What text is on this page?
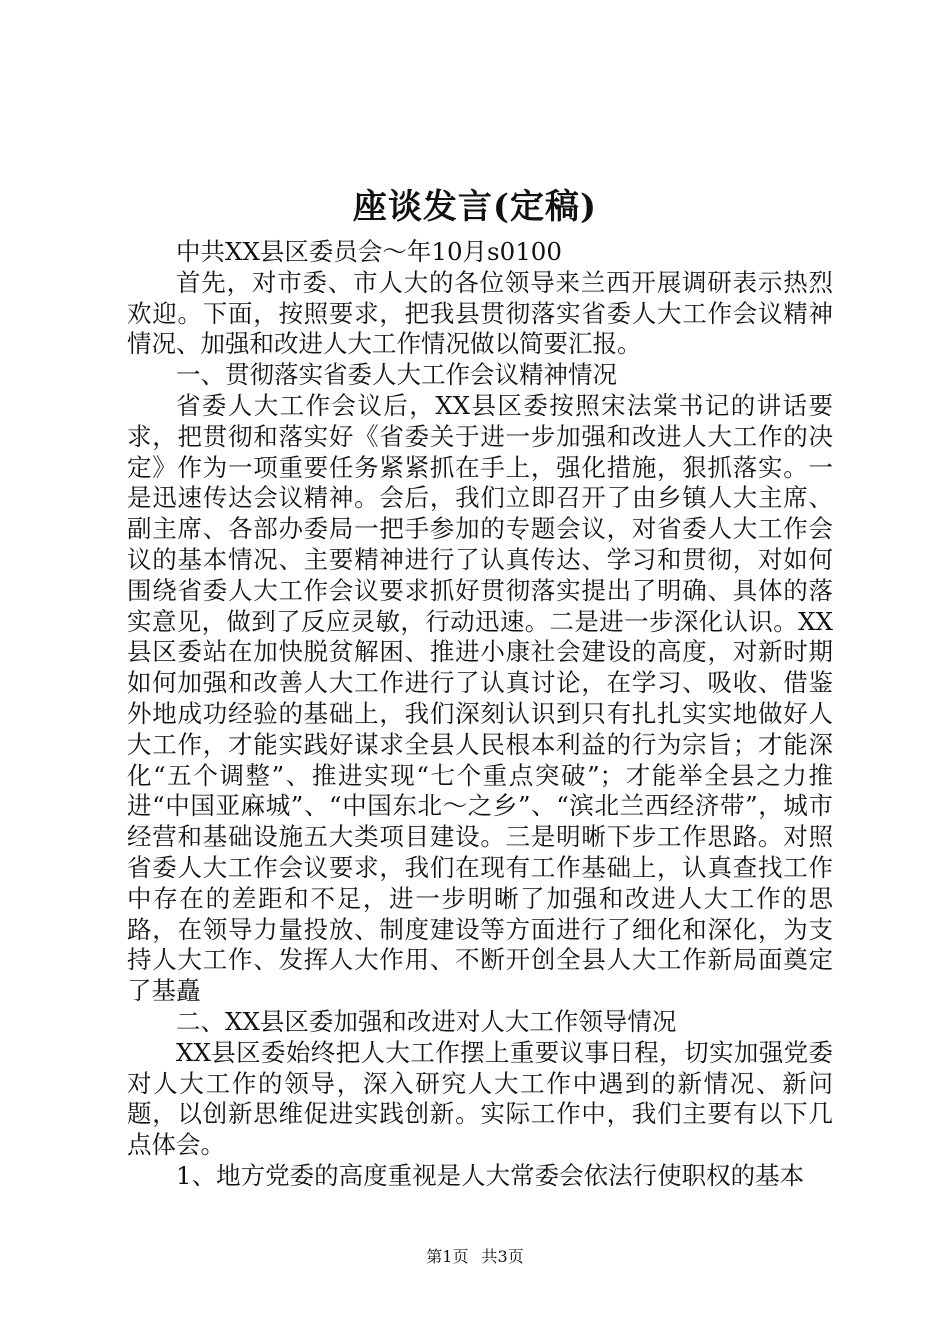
座谈发言(定稿)

中共XX县区委员会～年10月s0100

首先，对市委、市人大的各位领导来兰西开展调研表示热烈欢迎。下面，按照要求，把我县贯彻落实省委人大工作会议精神情况、加强和改进人大工作情况做以简要汇报。

一、贯彻落实省委人大工作会议精神情况

省委人大工作会议后，XX县区委按照宋法棠书记的讲话要求，把贯彻和落实好《省委关于进一步加强和改进人大工作的决定》作为一项重要任务紧紧抓在手上，强化措施，狠抓落实。一是迅速传达会议精神。会后，我们立即召开了由乡镇人大主席、副主席、各部办委局一把手参加的专题会议，对省委人大工作会议的基本情况、主要精神进行了认真传达、学习和贯彻，对如何围绕省委人大工作会议要求抓好贯彻落实提出了明确、具体的落实意见，做到了反应灵敏，行动迅速。二是进一步深化认识。XX县区委站在加快脱贫解困、推进小康社会建设的高度，对新时期如何加强和改善人大工作进行了认真讨论，在学习、吸收、借鉴外地成功经验的基础上，我们深刻认识到只有扎扎实实地做好人大工作，才能实践好谋求全县人民根本利益的行为宗旨；才能深化“五个调整”、推进实现“七个重点突破”；才能举全县之力推进“中国亚麻城”、“中国东北～之乡”、“滨北兰西经济带”，城市经营和基础设施五大类项目建设。三是明晰下步工作思路。对照省委人大工作会议要求，我们在现有工作基础上，认真查找工作中存在的差距和不足，进一步明晰了加强和改进人大工作的思路，在领导力量投放、制度建设等方面进行了细化和深化，为支持人大工作、发挥人大作用、不断开创全县人大工作新局面奠定了基矗

二、XX县区委加强和改进对人大工作领导情况

XX县区委始终把人大工作摆上重要议事日程，切实加强党委对人大工作的领导，深入研究人大工作中遇到的新情况、新问题，以创新思维促进实践创新。实际工作中，我们主要有以下几点体会。

1、地方党委的高度重视是人大常委会依法行使职权的基本

第1页 共3页
